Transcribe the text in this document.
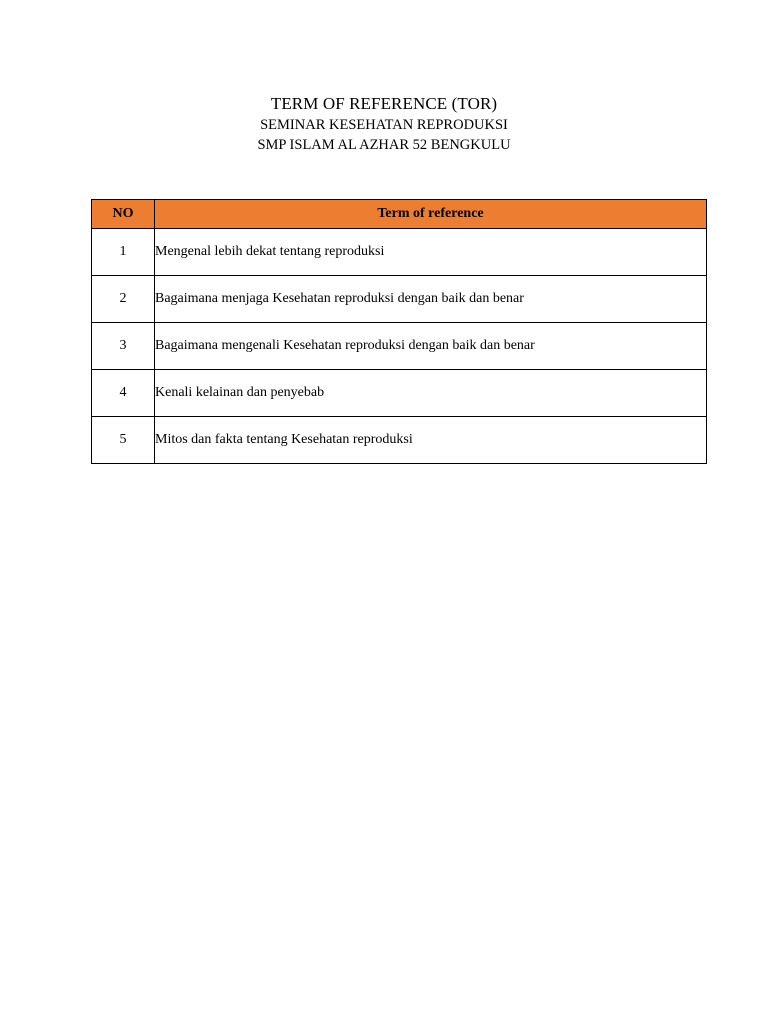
TERM OF REFERENCE (TOR)
SEMINAR KESEHATAN REPRODUKSI
SMP ISLAM AL AZHAR 52 BENGKULU
NO	Term of reference
1	Mengenal lebih dekat tentang reproduksi
2	Bagaimana menjaga Kesehatan reproduksi dengan baik dan benar
3	Bagaimana mengenali Kesehatan reproduksi dengan baik dan benar
4	Kenali kelainan dan penyebab
5	Mitos dan fakta tentang Kesehatan reproduksi
